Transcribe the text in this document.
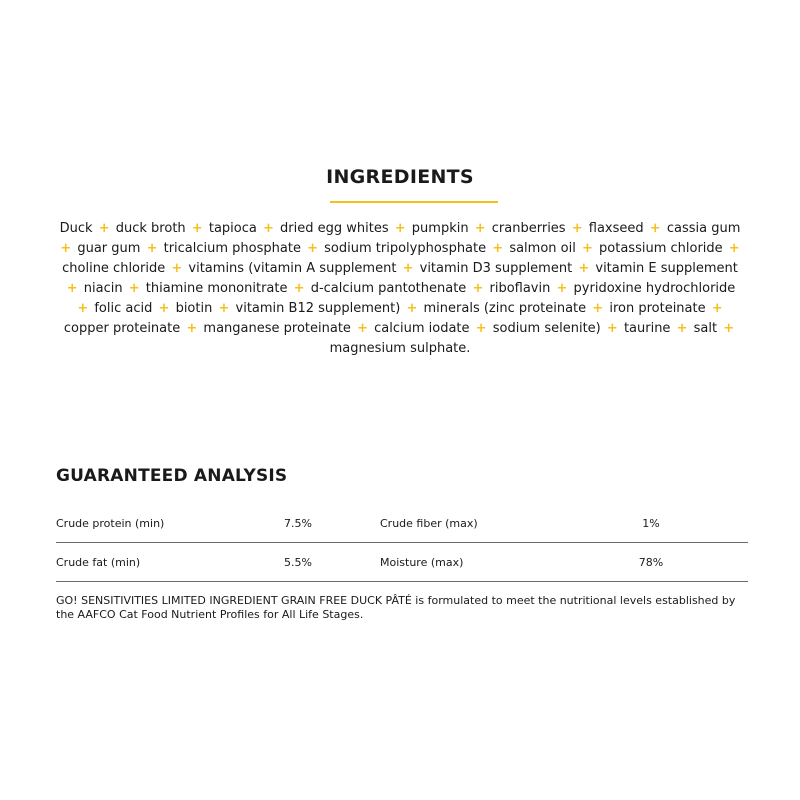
INGREDIENTS

Duck + duck broth + tapioca + dried egg whites + pumpkin + cranberries + flaxseed + cassia gum + guar gum + tricalcium phosphate + sodium tripolyphosphate + salmon oil + potassium chloride + choline chloride + vitamins (vitamin A supplement + vitamin D3 supplement + vitamin E supplement + niacin + thiamine mononitrate + d-calcium pantothenate + riboflavin + pyridoxine hydrochloride + folic acid + biotin + vitamin B12 supplement) + minerals (zinc proteinate + iron proteinate + copper proteinate + manganese proteinate + calcium iodate + sodium selenite) + taurine + salt + magnesium sulphate.

GUARANTEED ANALYSIS
Crude protein (min)	7.5%	Crude fiber (max)	1%
Crude fat (min)	5.5%	Moisture (max)	78%

GO! SENSITIVITIES LIMITED INGREDIENT GRAIN FREE DUCK PÂTÉ is formulated to meet the nutritional levels established by the AAFCO Cat Food Nutrient Profiles for All Life Stages.
